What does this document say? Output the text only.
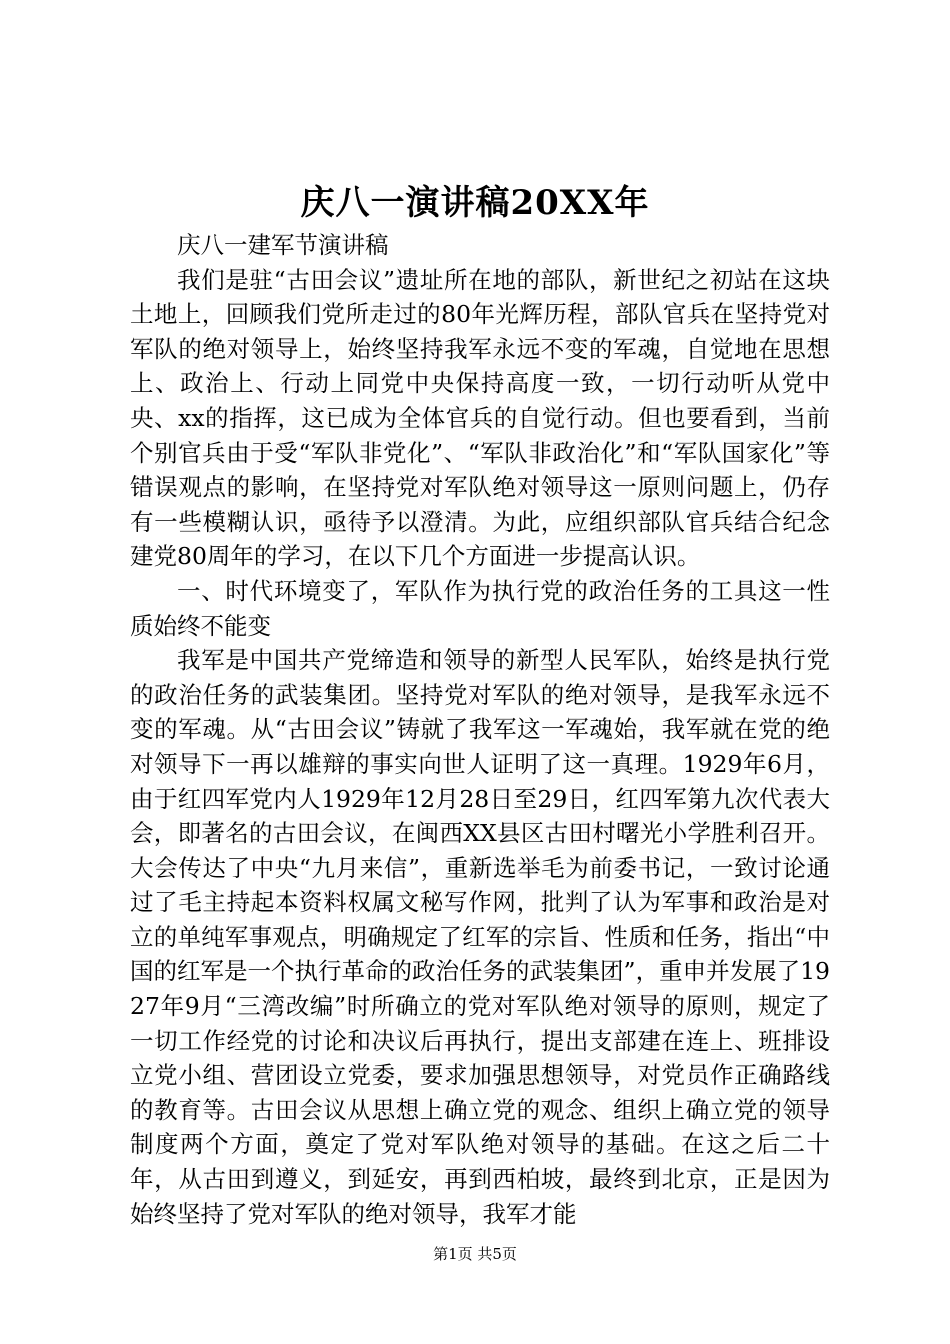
庆八一演讲稿20XX年

庆八一建军节演讲稿

我们是驻“古田会议”遗址所在地的部队，新世纪之初站在这块土地上，回顾我们党所走过的80年光辉历程，部队官兵在坚持党对军队的绝对领导上，始终坚持我军永远不变的军魂，自觉地在思想上、政治上、行动上同党中央保持高度一致，一切行动听从党中央、xx的指挥，这已成为全体官兵的自觉行动。但也要看到，当前个别官兵由于受“军队非党化”、“军队非政治化”和“军队国家化”等错误观点的影响，在坚持党对军队绝对领导这一原则问题上，仍存有一些模糊认识，亟待予以澄清。为此，应组织部队官兵结合纪念建党80周年的学习，在以下几个方面进一步提高认识。

一、时代环境变了，军队作为执行党的政治任务的工具这一性质始终不能变

我军是中国共产党缔造和领导的新型人民军队，始终是执行党的政治任务的武装集团。坚持党对军队的绝对领导，是我军永远不变的军魂。从“古田会议”铸就了我军这一军魂始，我军就在党的绝对领导下一再以雄辩的事实向世人证明了这一真理。1929年6月，由于红四军党内人1929年12月28日至29日，红四军第九次代表大会，即著名的古田会议，在闽西XX县区古田村曙光小学胜利召开。大会传达了中央“九月来信”，重新选举毛为前委书记，一致讨论通过了毛主持起本资料权属文秘写作网，批判了认为军事和政治是对立的单纯军事观点，明确规定了红军的宗旨、性质和任务，指出“中国的红军是一个执行革命的政治任务的武装集团”，重申并发展了1927年9月“三湾改编”时所确立的党对军队绝对领导的原则，规定了一切工作经党的讨论和决议后再执行，提出支部建在连上、班排设立党小组、营团设立党委，要求加强思想领导，对党员作正确路线的教育等。古田会议从思想上确立党的观念、组织上确立党的领导制度两个方面，奠定了党对军队绝对领导的基础。在这之后二十年，从古田到遵义，到延安，再到西柏坡，最终到北京，正是因为始终坚持了党对军队的绝对领导，我军才能

第1页 共5页
